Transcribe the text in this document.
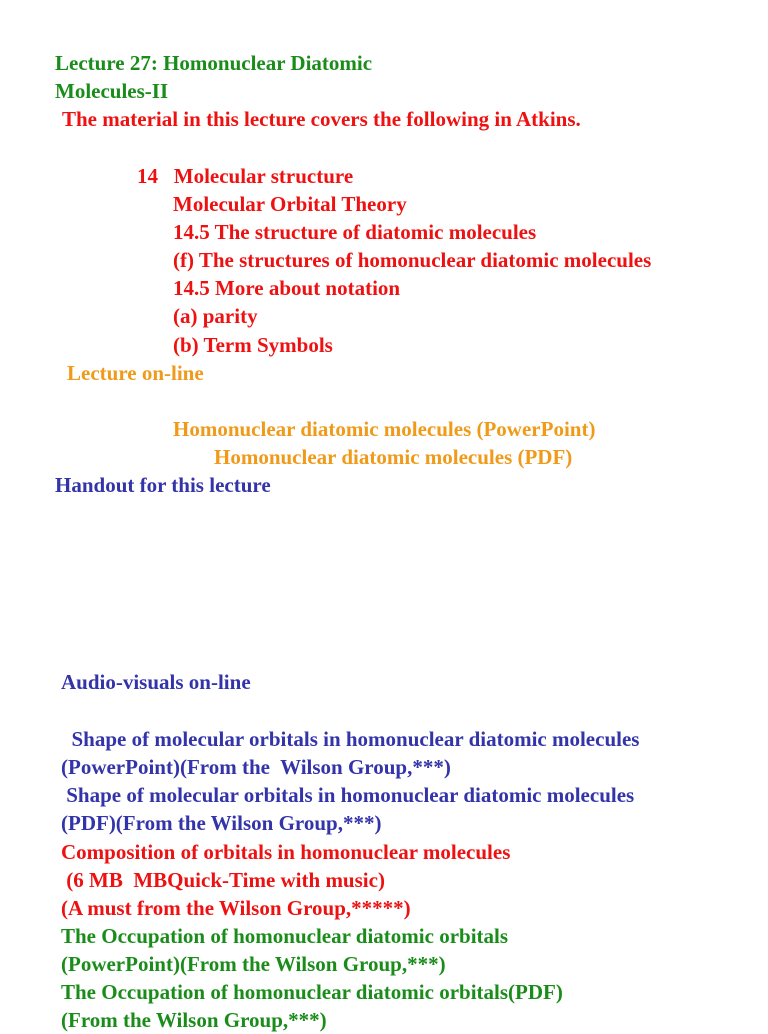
Lecture 27: Homonuclear Diatomic

Molecules-II

The material in this lecture covers the following in Atkins.

14   Molecular structure

Molecular Orbital Theory

14.5 The structure of diatomic molecules

(f) The structures of homonuclear diatomic molecules

14.5 More about notation

(a) parity

(b) Term Symbols

Lecture on-line

Homonuclear diatomic molecules (PowerPoint)

Homonuclear diatomic molecules (PDF)

Handout for this lecture

Audio-visuals on-line

Shape of molecular orbitals in homonuclear diatomic molecules

(PowerPoint)(From the  Wilson Group,***)

Shape of molecular orbitals in homonuclear diatomic molecules

(PDF)(From the Wilson Group,***)

Composition of orbitals in homonuclear molecules

(6 MB  MBQuick-Time with music)

(A must from the Wilson Group,*****)

The Occupation of homonuclear diatomic orbitals

(PowerPoint)(From the Wilson Group,***)

The Occupation of homonuclear diatomic orbitals(PDF)

(From the Wilson Group,***)
